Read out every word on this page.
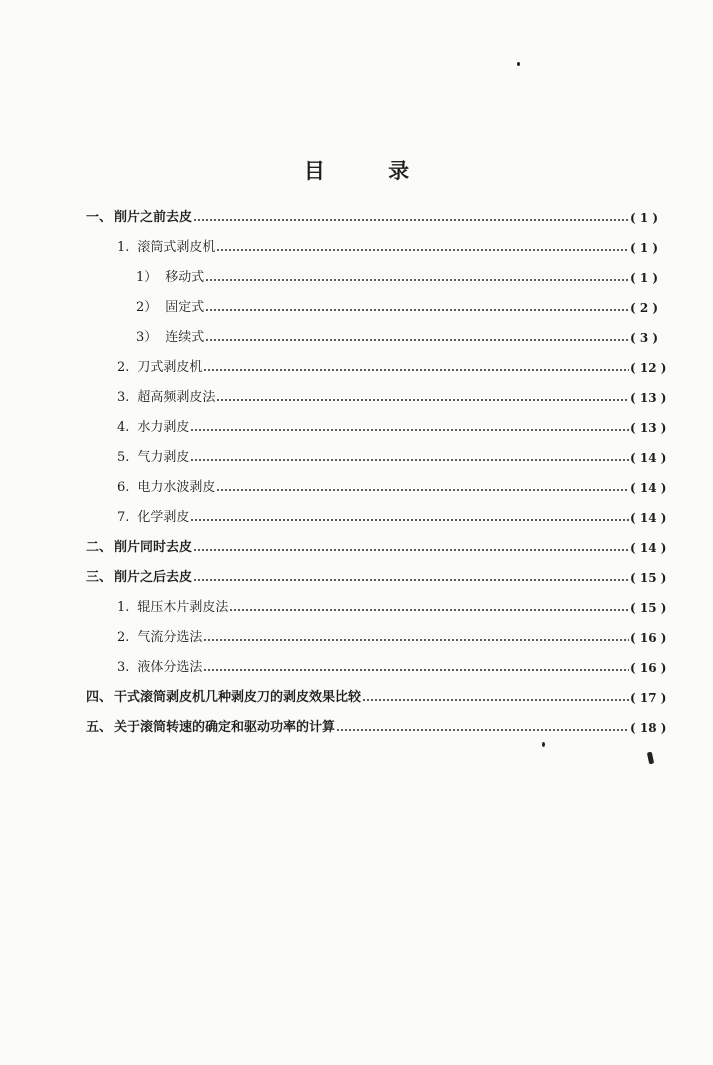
目 录
一、 削片之前去皮	( 1 )
1. 滚筒式剥皮机	( 1 )
1） 移动式	( 1 )
2） 固定式	( 2 )
3） 连续式	( 3 )
2. 刀式剥皮机	( 12 )
3. 超高频剥皮法	( 13 )
4. 水力剥皮	( 13 )
5. 气力剥皮	( 14 )
6. 电力水波剥皮	( 14 )
7. 化学剥皮	( 14 )
二、 削片同时去皮	( 14 )
三、 削片之后去皮	( 15 )
1. 辊压木片剥皮法	( 15 )
2. 气流分选法	( 16 )
3. 液体分选法	( 16 )
四、 干式滚筒剥皮机几种剥皮刀的剥皮效果比较	( 17 )
五、 关于滚筒转速的确定和驱动功率的计算	( 18 )
